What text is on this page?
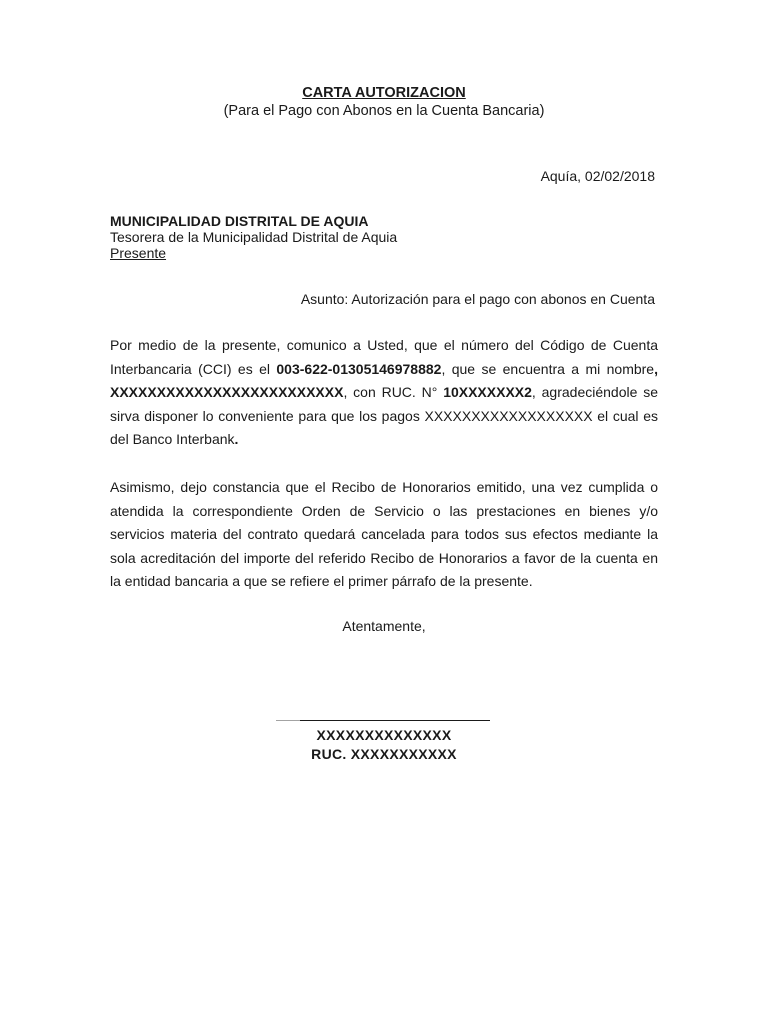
CARTA AUTORIZACION
(Para el Pago con Abonos en la Cuenta Bancaria)
Aquía, 02/02/2018
MUNICIPALIDAD DISTRITAL DE AQUIA
Tesorera de la Municipalidad Distrital de Aquia
Presente
Asunto: Autorización para el pago con abonos en Cuenta
Por medio de la presente, comunico a Usted, que el número del Código de Cuenta Interbancaria (CCI) es el 003-622-01305146978882, que se encuentra a mi nombre, XXXXXXXXXXXXXXXXXXXXXXXXX, con RUC. N° 10XXXXXXX2, agradeciéndole se sirva disponer lo conveniente para que los pagos XXXXXXXXXXXXXXXXXX el cual es del Banco Interbank.
Asimismo, dejo constancia que el Recibo de Honorarios emitido, una vez cumplida o atendida la correspondiente Orden de Servicio o las prestaciones en bienes y/o servicios materia del contrato quedará cancelada para todos sus efectos mediante la sola acreditación del importe del referido Recibo de Honorarios a favor de la cuenta en la entidad bancaria a que se refiere el primer párrafo de la presente.
Atentamente,
XXXXXXXXXXXXXX
RUC. XXXXXXXXXXX
